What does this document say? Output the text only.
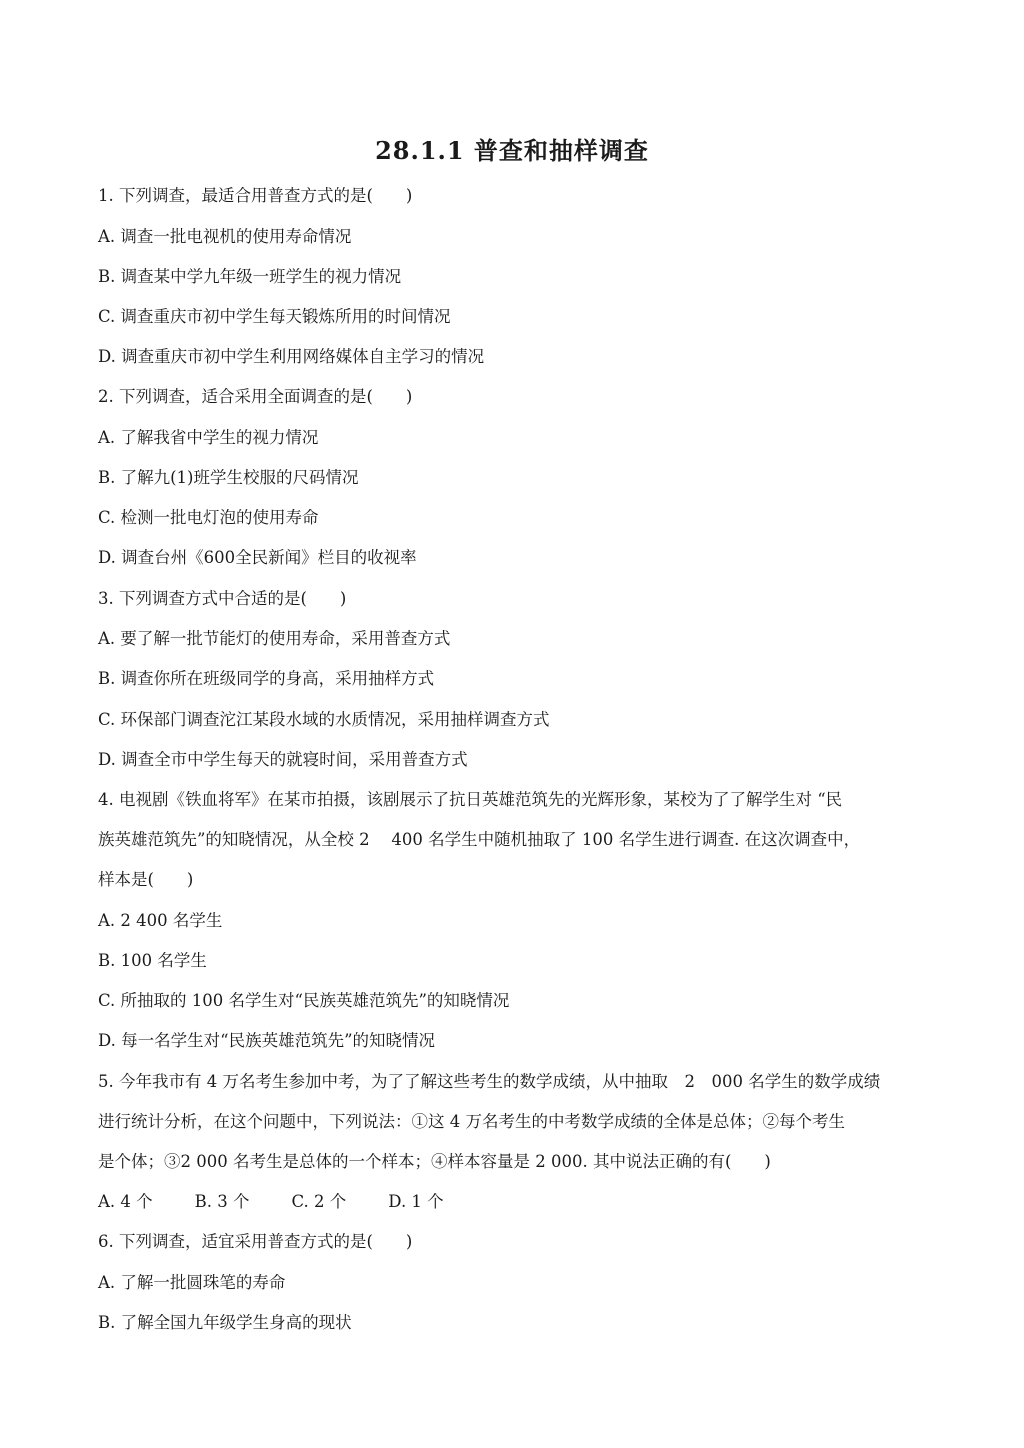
28.1.1 普查和抽样调查
1. 下列调查，最适合用普查方式的是(　　)
A. 调查一批电视机的使用寿命情况
B. 调查某中学九年级一班学生的视力情况
C. 调查重庆市初中学生每天锻炼所用的时间情况
D. 调查重庆市初中学生利用网络媒体自主学习的情况
2. 下列调查，适合采用全面调查的是(　　)
A. 了解我省中学生的视力情况
B. 了解九(1)班学生校服的尺码情况
C. 检测一批电灯泡的使用寿命
D. 调查台州《600全民新闻》栏目的收视率
3. 下列调查方式中合适的是(　　)
A. 要了解一批节能灯的使用寿命，采用普查方式
B. 调查你所在班级同学的身高，采用抽样方式
C. 环保部门调查沱江某段水域的水质情况，采用抽样调查方式
D. 调查全市中学生每天的就寝时间，采用普查方式
4. 电视剧《铁血将军》在某市拍摄，该剧展示了抗日英雄范筑先的光辉形象，某校为了了解学生对 “民
族英雄范筑先”的知晓情况，从全校 2　 400 名学生中随机抽取了 100 名学生进行调查. 在这次调查中，
样本是(　　)
A. 2 400 名学生
B. 100 名学生
C. 所抽取的 100 名学生对“民族英雄范筑先”的知晓情况
D. 每一名学生对“民族英雄范筑先”的知晓情况
5. 今年我市有 4 万名考生参加中考，为了了解这些考生的数学成绩，从中抽取　2　000 名学生的数学成绩
进行统计分析，在这个问题中，下列说法：①这 4 万名考生的中考数学成绩的全体是总体；②每个考生
是个体；③2 000 名考生是总体的一个样本；④样本容量是 2 000. 其中说法正确的有(　　)
A. 4 个	B. 3 个	C. 2 个	D. 1 个
6. 下列调查，适宜采用普查方式的是(　　)
A. 了解一批圆珠笔的寿命
B. 了解全国九年级学生身高的现状
